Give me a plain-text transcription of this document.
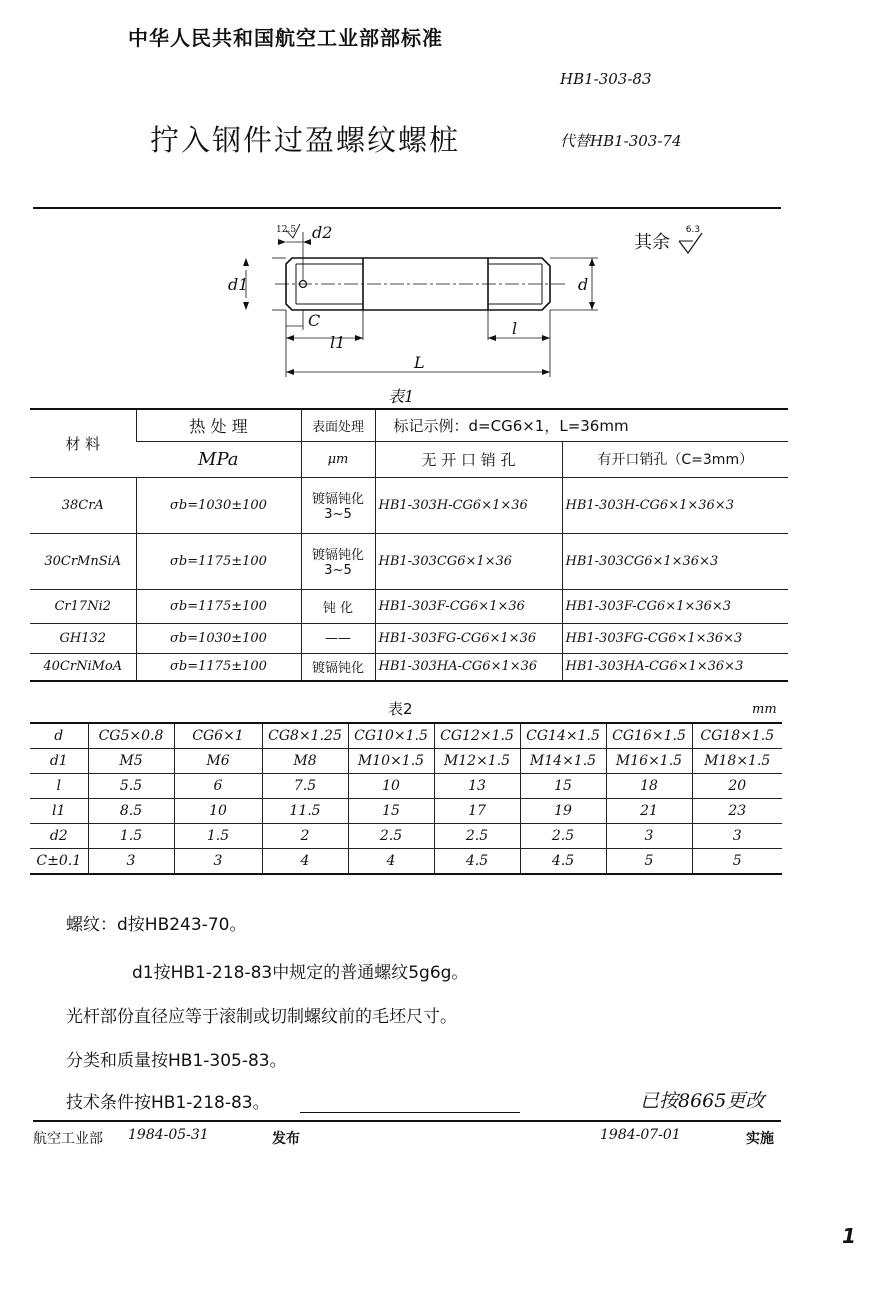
中华人民共和国航空工业部部标准
HB1-303-83
拧入钢件过盈螺纹螺桩	代替HB1-303-74
d2
d1	d
C
l1
l
L
12.5
其余
6.3
表1
材 料	热 处 理	表面处理	标记示例：d=CG6×1，L=36mm	
	MPa	μm	无 开 口 销 孔	有开口销孔（C=3mm）
38CrA	σb=1030±100	镀镉钝化 3~5	HB1-303H-CG6×1×36	HB1-303H-CG6×1×36×3
30CrMnSiA	σb=1175±100	镀镉钝化 3~5	HB1-303CG6×1×36	HB1-303CG6×1×36×3
Cr17Ni2	σb=1175±100	钝 化	HB1-303F-CG6×1×36	HB1-303F-CG6×1×36×3
GH132	σb=1030±100	——	HB1-303FG-CG6×1×36	HB1-303FG-CG6×1×36×3
40CrNiMoA	σb=1175±100	镀镉钝化	HB1-303HA-CG6×1×36	HB1-303HA-CG6×1×36×3
表2	mm
d	CG5×0.8	CG6×1	CG8×1.25	CG10×1.5	CG12×1.5	CG14×1.5	CG16×1.5	CG18×1.5
d1	M5	M6	M8	M10×1.5	M12×1.5	M14×1.5	M16×1.5	M18×1.5
l	5.5	6	7.5	10	13	15	18	20
l1	8.5	10	11.5	15	17	19	21	23
d2	1.5	1.5	2	2.5	2.5	2.5	3	3
C±0.1	3	3	4	4	4.5	4.5	5	5
螺纹：d按HB243-70。
d1按HB1-218-83中规定的普通螺纹5g6g。
光杆部份直径应等于滚制或切制螺纹前的毛坯尺寸。
分类和质量按HB1-305-83。
技术条件按HB1-218-83。	已按8665更改
航空工业部 1984-05-31	发布	1984-07-01	实施
1
